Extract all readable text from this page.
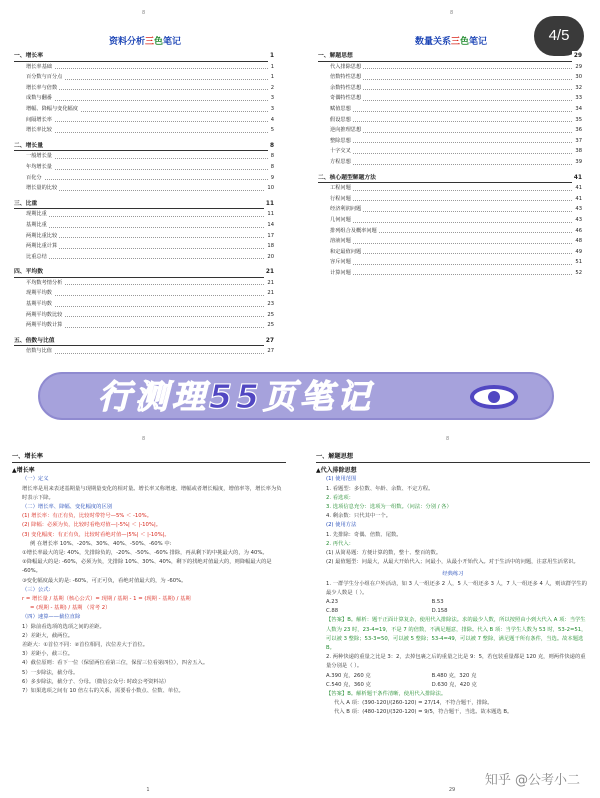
8
资料分析三色笔记
一、增长率	1
增长率基础	1
百分数与百分点	1
增长率与倍数	2
成数与翻番	3
增幅、降幅与变化幅度	3
间隔增长率	4
增长率比较	5
二、增长量	8
一般增长量	8
年均增长量	8
百化分	9
增长量的比较	10
三、比重	11
现期比重	11
基期比重	14
两期比重比较	17
两期比重计算	18
比重总结	20
四、平均数	21
平均数考情分析	21
现期平均数	21
基期平均数	23
两期平均数比较	25
两期平均数计算	25
五、倍数与比值	27
倍数与比值	27
8
数量关系三色笔记
一、解题思想	29
代入排除思想	29
倍数特性思想	30
余数特性思想	32
奇偶特性思想	33
赋值思想	34
假设思想	35
逆向推理思想	36
整除思想	37
十字交叉	38
方程思想	39
二、核心题型解题方法	41
工程问题	41
行程问题	41
经济利润问题	43
几何问题	43
排列组合及概率问题	46
溶液问题	48
和定最值问题	49
容斥问题	51
计算问题	52
4/5
行测理55页笔记
8
一、增长率
▲增长率
（一）定义
增长率是用来表述基期量与现期量变化的相对量。增长率又称增速、增幅或者增长幅度，增值率等，增长率为负时表示下降。
（二）增长率、降幅、变化幅度的区别
(1) 增长率：有正有负，比较时带符号—5% ＜ -10%。
(2) 降幅：必须为负，比较时看绝对值—|-5%| ＜ |-10%|。
(3) 变化幅度：有正有负，比较时看绝对值—|5%| ＜ |-10%|。
例 在增长率 10%、-20%、30%、40%、-50%、-60% 中:
①增长率最大的是: 40%，先排除负的，-20%、-50%、-60% 排除，再从剩下的中挑最大的，为 40%。
②降幅最大的是: -60%，必须为负，先排除 10%、30%、40%，剩下的找绝对值最大的，则降幅最大的是 -60%。
③变化幅度最大的是: -60%，可正可负，看绝对值最大的，为 -60%。
（三）公式:
r = 增长量 / 基期（核心公式）= 现期 / 基期 - 1 = (现期 - 基期) / 基期
= (现期 - 基期) / 基期 （常考 2）
（四）速算——截位直除
1）除前看选项的选项之间的差距。
2）差距大，截两位。
差距大：①首位不同：②首位相同，次位差大于首位。
3）差距小，截三位。
4）截位原则：看下一位（保留两位看第三位，保留三位看第四位），四舍五入。
5）一步除法，截分母。
6）多步除法，截分子、分母。（微信公众号: 时政公考资料站）
7）如果选项之间有 10 倍左右的关系，需要看小数点、位数、单位。
1
8
一、解题思想
▲代入排除思想
(1) 使用范围
1. 看题型：多位数、年龄、余数、不定方程。
2. 看选项：
3. 选项信息充分：选项为一组数。（问法：分别 / 各）
4. 剩余数：只代其中一个。
(2) 使用方法
1. 先排除：奇偶、倍数、尾数。
2. 再代入：
(1) 从简易题：方便计算的数，整十、整百的数。
(2) 最值题型：问最大，从最大开始代入；问最小，从最小开始代入。对于生活中的问题，注意用生活常识。
经典练习
1. 一群学生分小组在户外活动，如 3 人一组还多 2 人，5 人一组还多 3 人，7 人一组还多 4 人，则该群学生的最少人数是（ ）。
A.23	B.53
C.88	D.158
【答案】B。解析：题干正面计算复杂，使用代入排除法。求的最少人数，所以按照由小到大代入 A 项：当学生人数为 23 时，23-4=19，不是 7 的倍数，不满足题意，排除。代入 B 项：当学生人数为 53 时，53-2=51，可以被 3 整除；53-3=50，可以被 5 整除；53-4=49，可以被 7 整除，满足题干所有条件，当选。故本题选 B。
2. 两种快递的重量之比是 3：2，去掉包裹之后的重量之比是 9：5，若包装重量都是 120 克，则两件快递的重量分别是（ ）。
A.390 克，260 克	B.480 克，320 克
C.540 克，360 克	D.630 克，420 克
【答案】B。解析题干条件清晰，使用代入排除法。
代入 A 项：(390-120)/(260-120) = 27/14，不符合题干，排除。
代入 B 项：(480-120)/(320-120) = 9/5，符合题干，当选。故本题选 B。
29
知乎 @公考小二
